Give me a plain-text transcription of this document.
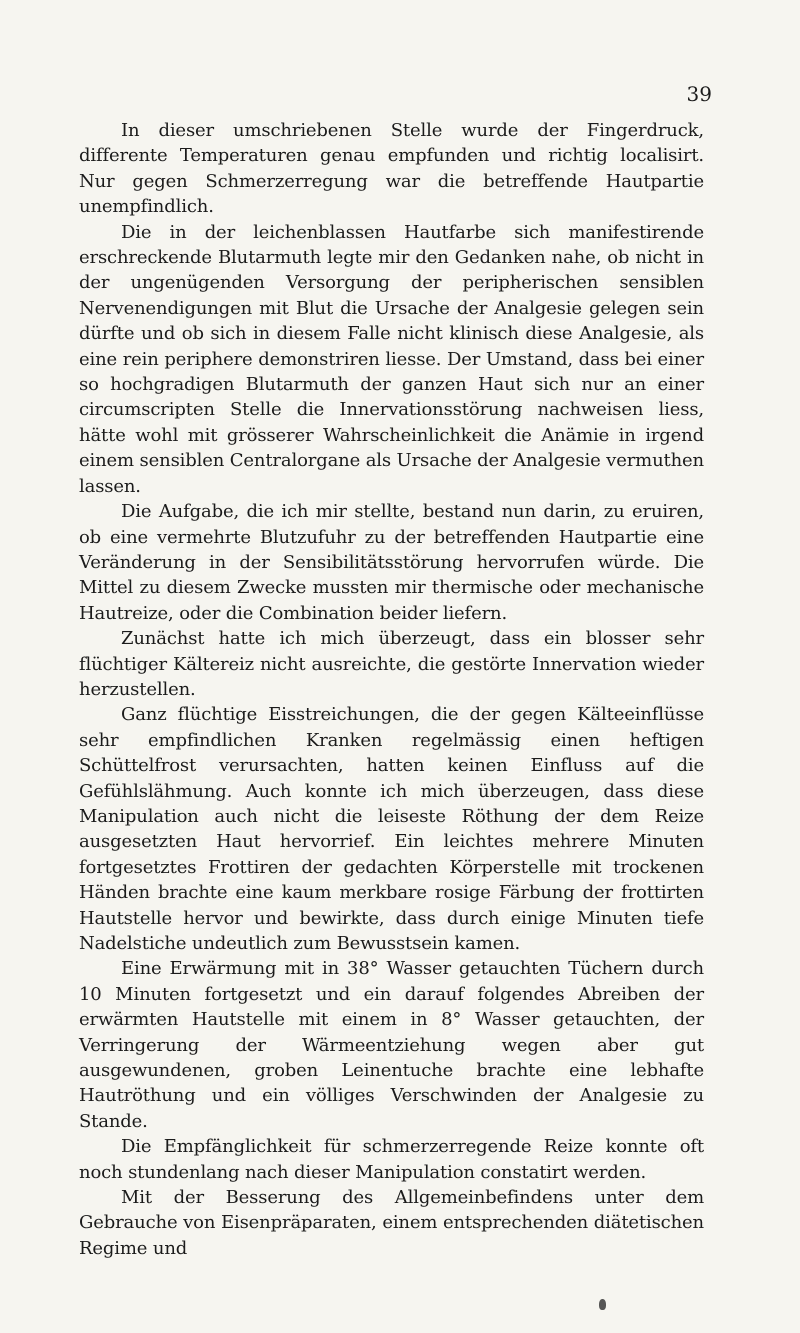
39

In dieser umschriebenen Stelle wurde der Fingerdruck, differente Temperaturen genau empfunden und richtig localisirt. Nur gegen Schmerzerregung war die betreffende Hautpartie unempfindlich.

Die in der leichenblassen Hautfarbe sich manifestirende erschreckende Blutarmuth legte mir den Gedanken nahe, ob nicht in der ungenügenden Versorgung der peripherischen sensiblen Nervenendigungen mit Blut die Ursache der Analgesie gelegen sein dürfte und ob sich in diesem Falle nicht klinisch diese Analgesie, als eine rein periphere demonstriren liesse. Der Umstand, dass bei einer so hochgradigen Blutarmuth der ganzen Haut sich nur an einer circumscripten Stelle die Innervationsstörung nachweisen liess, hätte wohl mit grösserer Wahrscheinlichkeit die Anämie in irgend einem sensiblen Centralorgane als Ursache der Analgesie vermuthen lassen.

Die Aufgabe, die ich mir stellte, bestand nun darin, zu eruiren, ob eine vermehrte Blutzufuhr zu der betreffenden Hautpartie eine Veränderung in der Sensibilitätsstörung hervorrufen würde. Die Mittel zu diesem Zwecke mussten mir thermische oder mechanische Hautreize, oder die Combination beider liefern.

Zunächst hatte ich mich überzeugt, dass ein blosser sehr flüchtiger Kältereiz nicht ausreichte, die gestörte Innervation wieder herzustellen.

Ganz flüchtige Eisstreichungen, die der gegen Kälteeinflüsse sehr empfindlichen Kranken regelmässig einen heftigen Schüttelfrost verursachten, hatten keinen Einfluss auf die Gefühlslähmung. Auch konnte ich mich überzeugen, dass diese Manipulation auch nicht die leiseste Röthung der dem Reize ausgesetzten Haut hervorrief. Ein leichtes mehrere Minuten fortgesetztes Frottiren der gedachten Körperstelle mit trockenen Händen brachte eine kaum merkbare rosige Färbung der frottirten Hautstelle hervor und bewirkte, dass durch einige Minuten tiefe Nadelstiche undeutlich zum Bewusstsein kamen.

Eine Erwärmung mit in 38° Wasser getauchten Tüchern durch 10 Minuten fortgesetzt und ein darauf folgendes Abreiben der erwärmten Hautstelle mit einem in 8° Wasser getauchten, der Verringerung der Wärmeentziehung wegen aber gut ausgewundenen, groben Leinentuche brachte eine lebhafte Hautröthung und ein völliges Verschwinden der Analgesie zu Stande.

Die Empfänglichkeit für schmerzerregende Reize konnte oft noch stundenlang nach dieser Manipulation constatirt werden.

Mit der Besserung des Allgemeinbefindens unter dem Gebrauche von Eisenpräparaten, einem entsprechenden diätetischen Regime und
